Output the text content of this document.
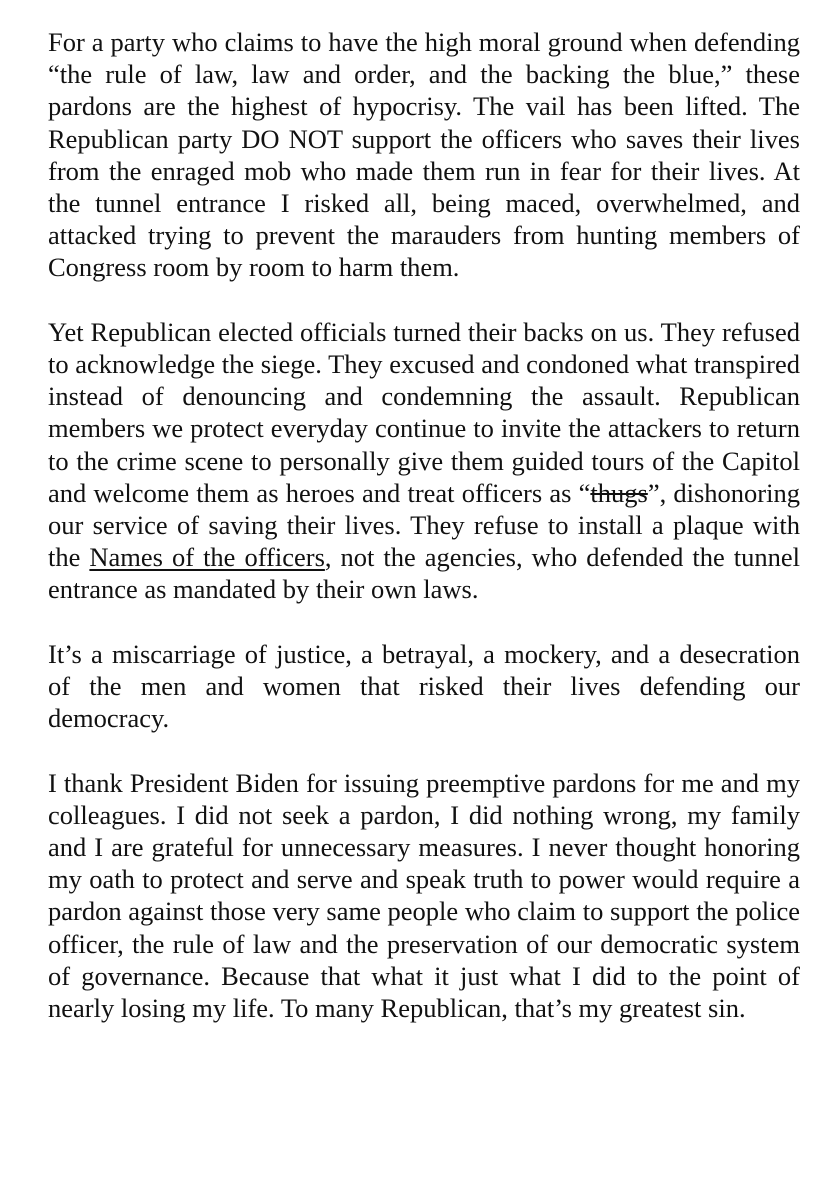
For a party who claims to have the high moral ground when defending “the rule of law, law and order, and the backing the blue,” these pardons are the highest of hypocrisy. The vail has been lifted. The Republican party DO NOT support the officers who saves their lives from the enraged mob who made them run in fear for their lives. At the tunnel entrance I risked all, being maced, overwhelmed, and attacked trying to prevent the marauders from hunting members of Congress room by room to harm them.

Yet Republican elected officials turned their backs on us. They refused to acknowledge the siege. They excused and condoned what transpired instead of denouncing and condemning the assault. Republican members we protect everyday continue to invite the attackers to return to the crime scene to personally give them guided tours of the Capitol and welcome them as heroes and treat officers as “thugs”, dishonoring our service of saving their lives. They refuse to install a plaque with the Names of the officers, not the agencies, who defended the tunnel entrance as mandated by their own laws.

It’s a miscarriage of justice, a betrayal, a mockery, and a desecration of the men and women that risked their lives defending our democracy.

I thank President Biden for issuing preemptive pardons for me and my colleagues. I did not seek a pardon, I did nothing wrong, my family and I are grateful for unnecessary measures. I never thought honoring my oath to protect and serve and speak truth to power would require a pardon against those very same people who claim to support the police officer, the rule of law and the preservation of our democratic system of governance. Because that what it just what I did to the point of nearly losing my life. To many Republican, that’s my greatest sin.
